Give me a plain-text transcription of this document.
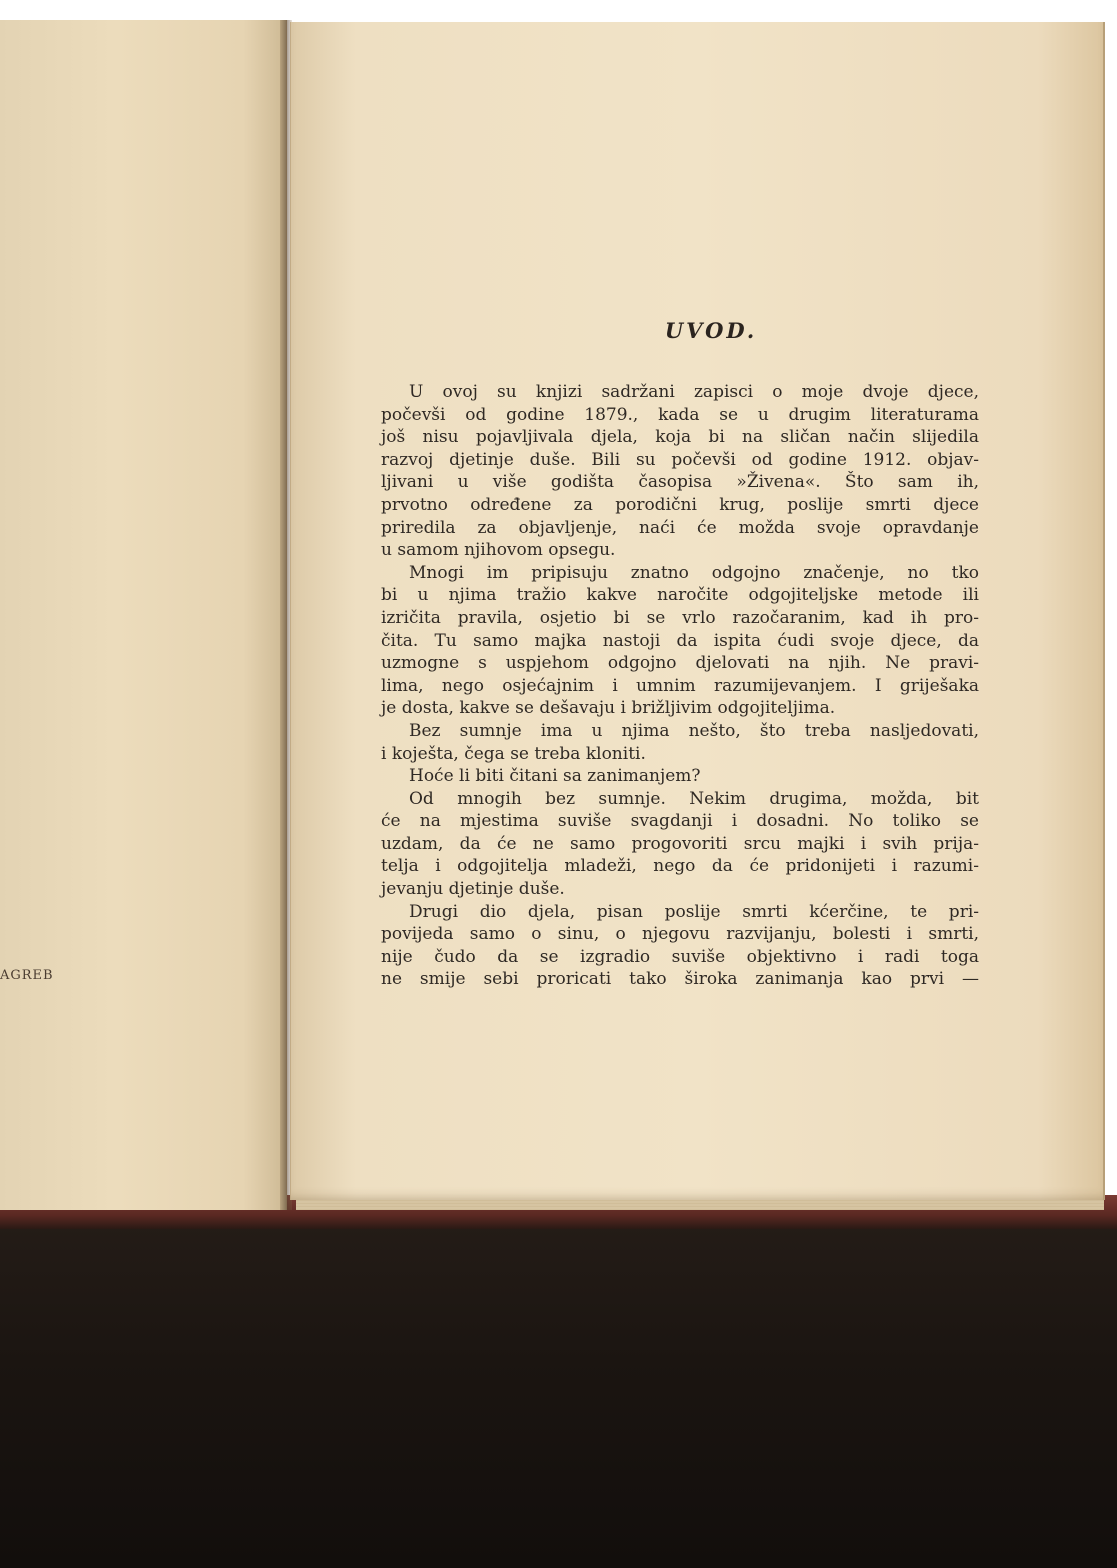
AGREB
UVOD.
U ovoj su knjizi sadržani zapisci o moje dvoje djece,
počevši od godine 1879., kada se u drugim literaturama
još nisu pojavljivala djela, koja bi na sličan način slijedila
razvoj djetinje duše. Bili su počevši od godine 1912. objav-
ljivani u više godišta časopisa »Živena«. Što sam ih,
prvotno određene za porodični krug, poslije smrti djece
priredila za objavljenje, naći će možda svoje opravdanje
u samom njihovom opsegu.
Mnogi im pripisuju znatno odgojno značenje, no tko
bi u njima tražio kakve naročite odgojiteljske metode ili
izričita pravila, osjetio bi se vrlo razočaranim, kad ih pro-
čita. Tu samo majka nastoji da ispita ćudi svoje djece, da
uzmogne s uspjehom odgojno djelovati na njih. Ne pravi-
lima, nego osjećajnim i umnim razumijevanjem. I griješaka
je dosta, kakve se dešavaju i brižljivim odgojiteljima.
Bez sumnje ima u njima nešto, što treba nasljedovati,
i koješta, čega se treba kloniti.
Hoće li biti čitani sa zanimanjem?
Od mnogih bez sumnje. Nekim drugima, možda, bit
će na mjestima suviše svagdanji i dosadni. No toliko se
uzdam, da će ne samo progovoriti srcu majki i svih prija-
telja i odgojitelja mladeži, nego da će pridonijeti i razumi-
jevanju djetinje duše.
Drugi dio djela, pisan poslije smrti kćerčine, te pri-
povijeda samo o sinu, o njegovu razvijanju, bolesti i smrti,
nije čudo da se izgradio suviše objektivno i radi toga
ne smije sebi proricati tako široka zanimanja kao prvi —
